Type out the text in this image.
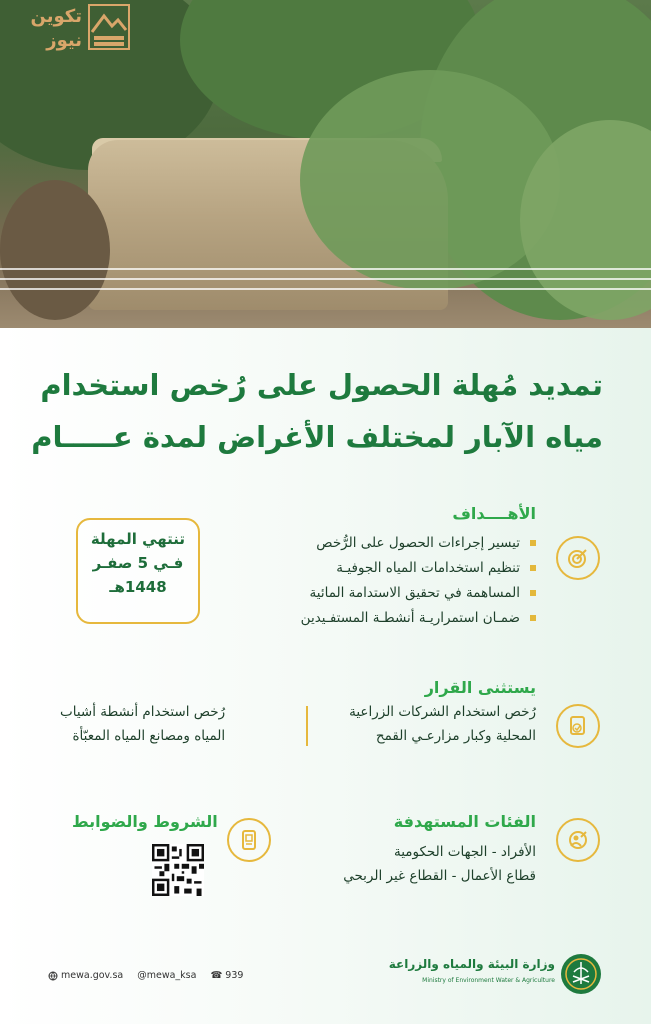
تكوين
نيوز
تمديد مُهلة الحصول على رُخص استخدام
مياه الآبار لمختلف الأغراض لمدة عـــــام
الأهــــداف
تيسير إجراءات الحصول على الرُّخص
تنظيم استخدامات المياه الجوفيـة
المساهمة في تحقيق الاستدامة المائية
ضمـان استمراريـة أنشطـة المستفـيدين
تنتهي المهلة
فـي 5 صفـر
1448هـ
يستثنى القرار
رُخص استخدام الشركات الزراعية
المحلية وكبار مزارعـي القمح
رُخص استخدام أنشطة أشياب
المياه ومصانع المياه المعبّأة
الفئات المستهدفة
الأفراد - الجهات الحكومية
قطاع الأعمال - القطاع غير الربحي
الشروط والضوابط
mewa.gov.sa @mewa_ksa ☎ 939
وزارة البيئة والمياه والزراعة
Ministry of Environment Water & Agriculture
